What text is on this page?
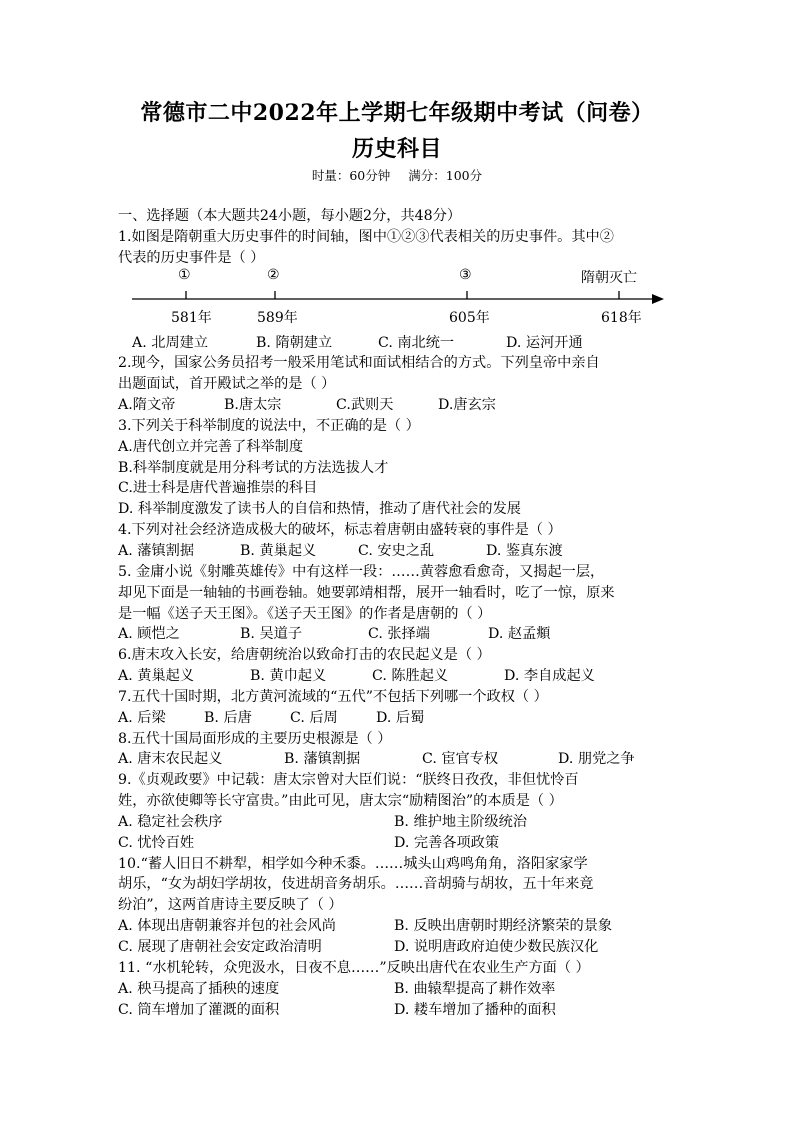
常德市二中2022年上学期七年级期中考试（问卷）
历史科目
时量：60分钟 满分：100分
一、选择题（本大题共24小题，每小题2分，共48分）
1.如图是隋朝重大历史事件的时间轴，图中①②③代表相关的历史事件。其中②
代表的历史事件是（ ）
①	②	③	隋朝灭亡
581年	589年	605年	618年
A. 北周建立	B. 隋朝建立	C. 南北统一	D. 运河开通
2.现今，国家公务员招考一般采用笔试和面试相结合的方式。下列皇帝中亲自
出题面试，首开殿试之举的是（ ）
A.隋文帝	B.唐太宗	C.武则天	D.唐玄宗
3.下列关于科举制度的说法中，不正确的是（ ）
A.唐代创立并完善了科举制度
B.科举制度就是用分科考试的方法选拔人才
C.进士科是唐代普遍推崇的科目
D. 科举制度激发了读书人的自信和热情，推动了唐代社会的发展
4.下列对社会经济造成极大的破坏，标志着唐朝由盛转衰的事件是（ ）
A. 藩镇割据	B. 黄巢起义	C. 安史之乱	D. 鉴真东渡
5. 金庸小说《射雕英雄传》中有这样一段：……黄蓉愈看愈奇，又揭起一层，
却见下面是一轴轴的书画卷轴。她要郭靖相帮，展开一轴看时，吃了一惊，原来
是一幅《送子天王图》。《送子天王图》的作者是唐朝的（ ）
A. 顾恺之	B. 吴道子	C. 张择端	D. 赵孟頫
6.唐末攻入长安，给唐朝统治以致命打击的农民起义是（ ）
A. 黄巢起义	B. 黄巾起义	C. 陈胜起义	D. 李自成起义
7.五代十国时期，北方黄河流域的“五代”不包括下列哪一个政权（ ）
A. 后梁	B. 后唐	C. 后周	D. 后蜀
8.五代十国局面形成的主要历史根源是（ ）
A. 唐末农民起义	B. 藩镇割据	C. 宦官专权	D. 朋党之争
9.《贞观政要》中记载：唐太宗曾对大臣们说：“朕终日孜孜，非但忧怜百
姓，亦欲使卿等长守富贵。”由此可见，唐太宗“励精图治”的本质是（ ）
A. 稳定社会秩序	B. 维护地主阶级统治
C. 忧怜百姓	D. 完善各项政策
10.“蓄人旧日不耕犁，相学如今种禾黍。……城头山鸡鸣角角，洛阳家家学
胡乐，“女为胡妇学胡妆，伎进胡音务胡乐。……音胡骑与胡妆，五十年来竟
纷泊”，这两首唐诗主要反映了（ ）
A. 体现出唐朝兼容并包的社会风尚	B. 反映出唐朝时期经济繁荣的景象
C. 展现了唐朝社会安定政治清明	D. 说明唐政府迫使少数民族汉化
11. “水机轮转，众兜汲水，日夜不息……”反映出唐代在农业生产方面（ ）
A. 秧马提高了插秧的速度	B. 曲辕犁提高了耕作效率
C. 筒车增加了灌溉的面积	D. 耧车增加了播种的面积
